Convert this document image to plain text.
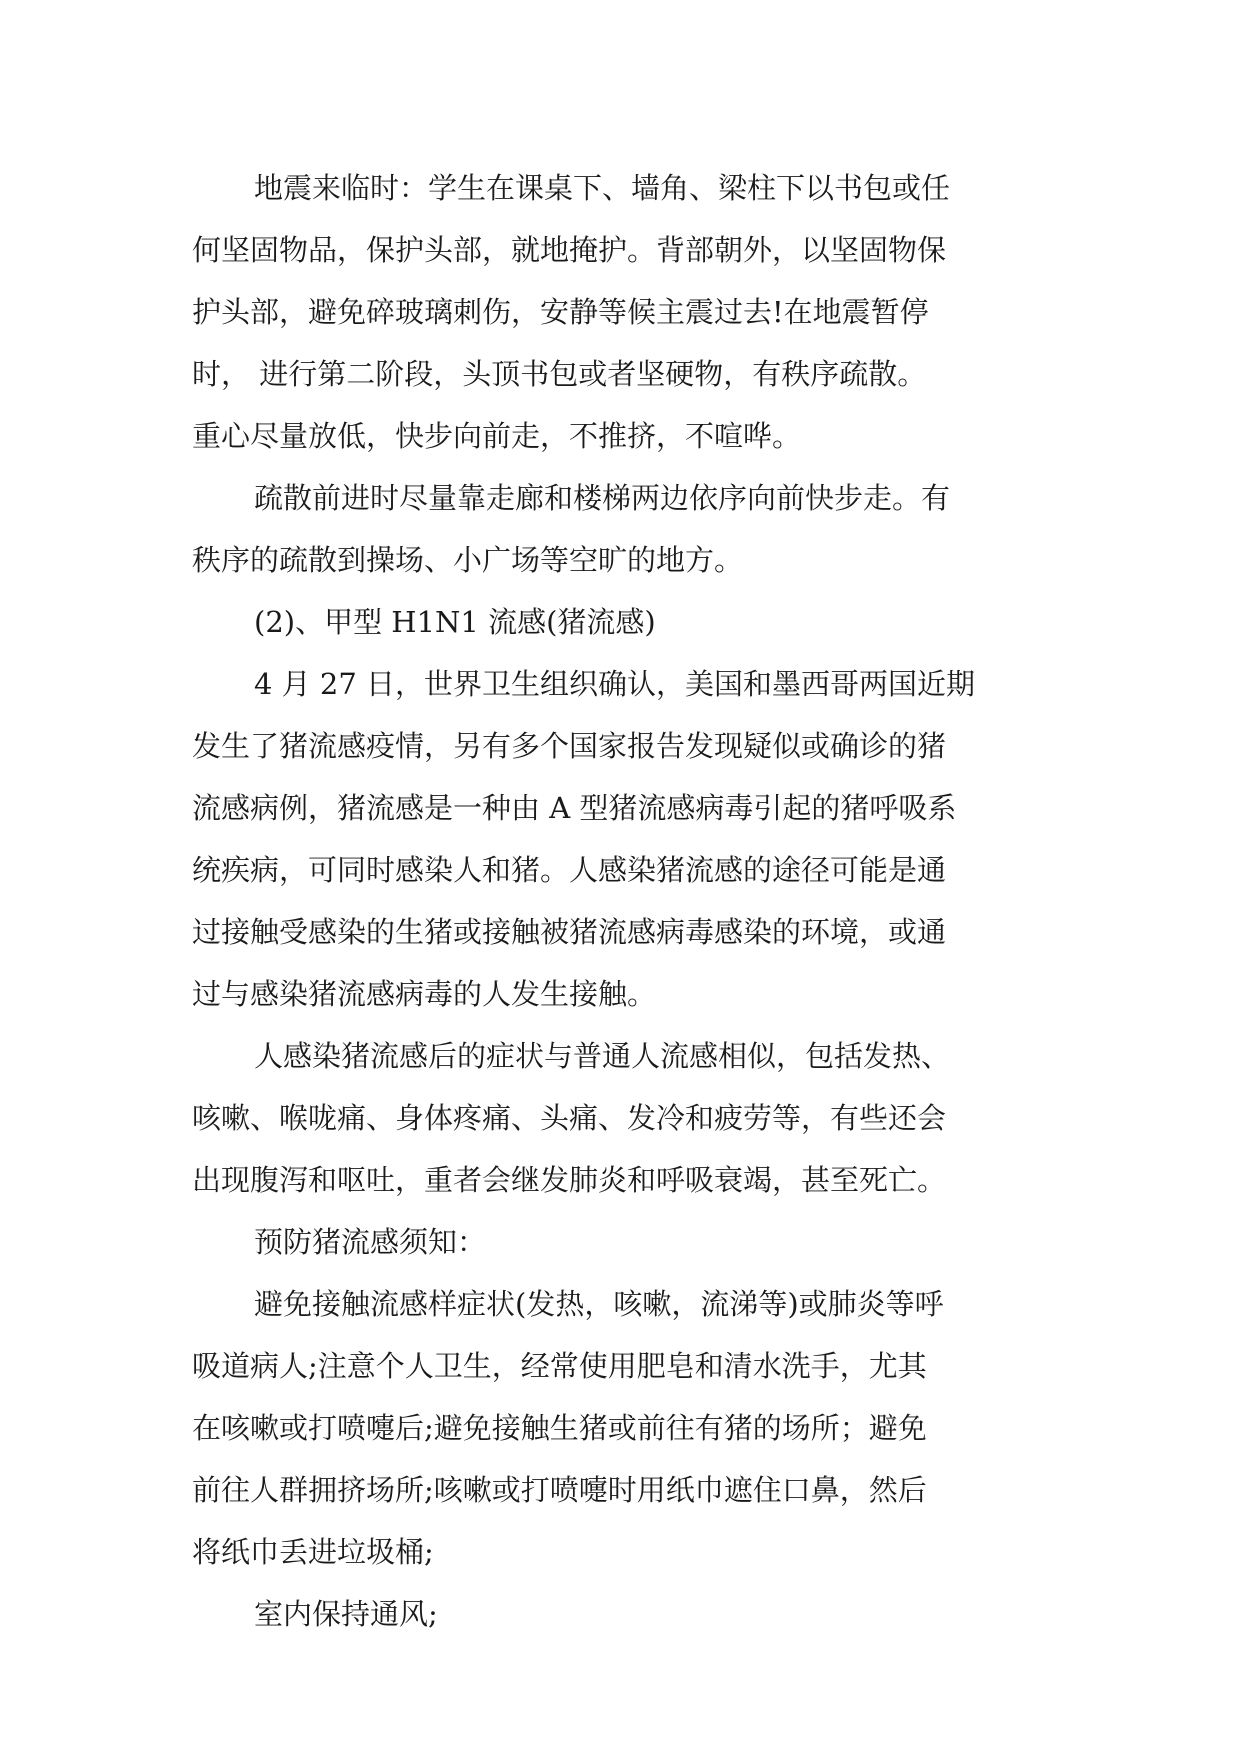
地震来临时：学生在课桌下、墙角、梁柱下以书包或任
何坚固物品，保护头部，就地掩护。背部朝外，以坚固物保
护头部，避免碎玻璃刺伤，安静等候主震过去!在地震暂停
时， 进行第二阶段，头顶书包或者坚硬物，有秩序疏散。
重心尽量放低，快步向前走，不推挤，不喧哗。
疏散前进时尽量靠走廊和楼梯两边依序向前快步走。有
秩序的疏散到操场、小广场等空旷的地方。
(2)、甲型 H1N1 流感(猪流感)
4 月 27 日，世界卫生组织确认，美国和墨西哥两国近期
发生了猪流感疫情，另有多个国家报告发现疑似或确诊的猪
流感病例，猪流感是一种由 A 型猪流感病毒引起的猪呼吸系
统疾病，可同时感染人和猪。人感染猪流感的途径可能是通
过接触受感染的生猪或接触被猪流感病毒感染的环境，或通
过与感染猪流感病毒的人发生接触。
人感染猪流感后的症状与普通人流感相似，包括发热、
咳嗽、喉咙痛、身体疼痛、头痛、发冷和疲劳等，有些还会
出现腹泻和呕吐，重者会继发肺炎和呼吸衰竭，甚至死亡。
预防猪流感须知：
避免接触流感样症状(发热，咳嗽，流涕等)或肺炎等呼
吸道病人;注意个人卫生，经常使用肥皂和清水洗手，尤其
在咳嗽或打喷嚏后;避免接触生猪或前往有猪的场所；避免
前往人群拥挤场所;咳嗽或打喷嚏时用纸巾遮住口鼻，然后
将纸巾丢进垃圾桶;
室内保持通风;
